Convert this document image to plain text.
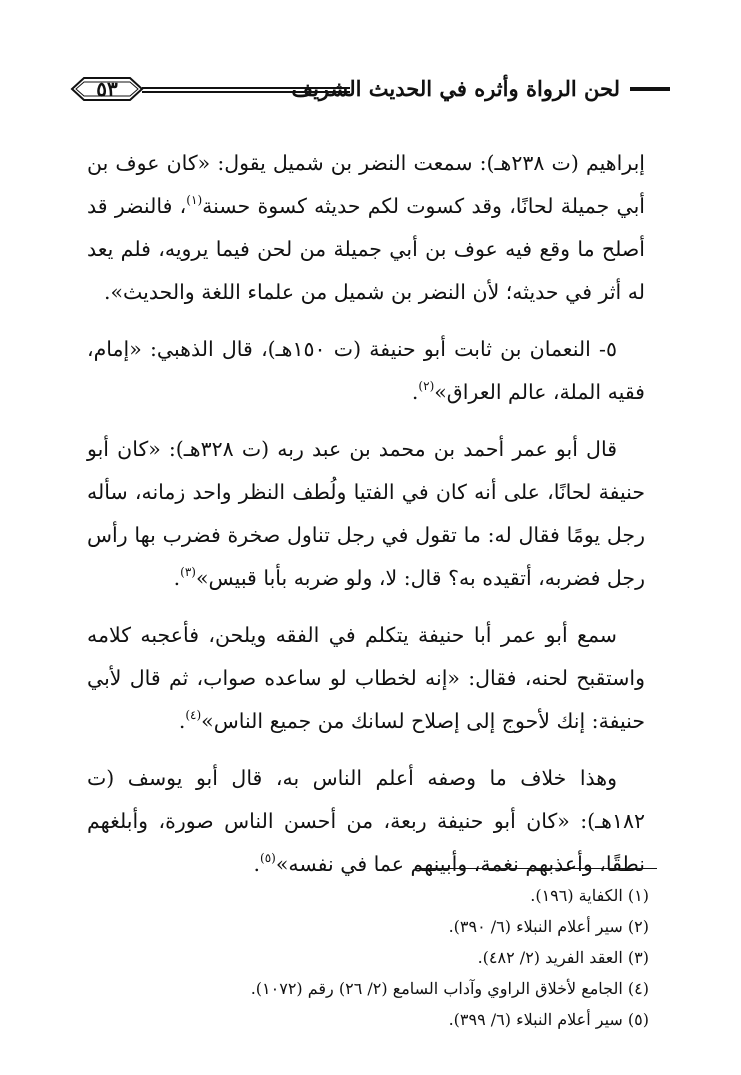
لحن الرواة وأثره في الحديث الشريف
٥٣

إبراهيم (ت ٢٣٨هـ): سمعت النضر بن شميل يقول: «كان عوف بن أبي جميلة لحانًا، وقد كسوت لكم حديثه كسوة حسنة$^{(١)}$، فالنضر قد أصلح ما وقع فيه عوف بن أبي جميلة من لحن فيما يرويه، فلم يعد له أثر في حديثه؛ لأن النضر بن شميل من علماء اللغة والحديث».

٥- النعمان بن ثابت أبو حنيفة (ت ١٥٠هـ)، قال الذهبي: «إمام، فقيه الملة، عالم العراق»$^{(٢)}$.

قال أبو عمر أحمد بن محمد بن عبد ربه (ت ٣٢٨هـ): «كان أبو حنيفة لحانًا، على أنه كان في الفتيا ولُطف النظر واحد زمانه، سأله رجل يومًا فقال له: ما تقول في رجل تناول صخرة فضرب بها رأس رجل فضربه، أتقيده به؟ قال: لا، ولو ضربه بأبا قبيس»$^{(٣)}$.

سمع أبو عمر أبا حنيفة يتكلم في الفقه ويلحن، فأعجبه كلامه واستقبح لحنه، فقال: «إنه لخطاب لو ساعده صواب، ثم قال لأبي حنيفة: إنك لأحوج إلى إصلاح لسانك من جميع الناس»$^{(٤)}$.

وهذا خلاف ما وصفه أعلم الناس به، قال أبو يوسف (ت ١٨٢هـ): «كان أبو حنيفة ربعة، من أحسن الناس صورة، وأبلغهم نطقًا، وأعذبهم نغمة، وأبينهم عما في نفسه»$^{(٥)}$.

(١) الكفاية (١٩٦).
(٢) سير أعلام النبلاء (٦/ ٣٩٠).
(٣) العقد الفريد (٢/ ٤٨٢).
(٤) الجامع لأخلاق الراوي وآداب السامع (٢/ ٢٦) رقم (١٠٧٢).
(٥) سير أعلام النبلاء (٦/ ٣٩٩).
